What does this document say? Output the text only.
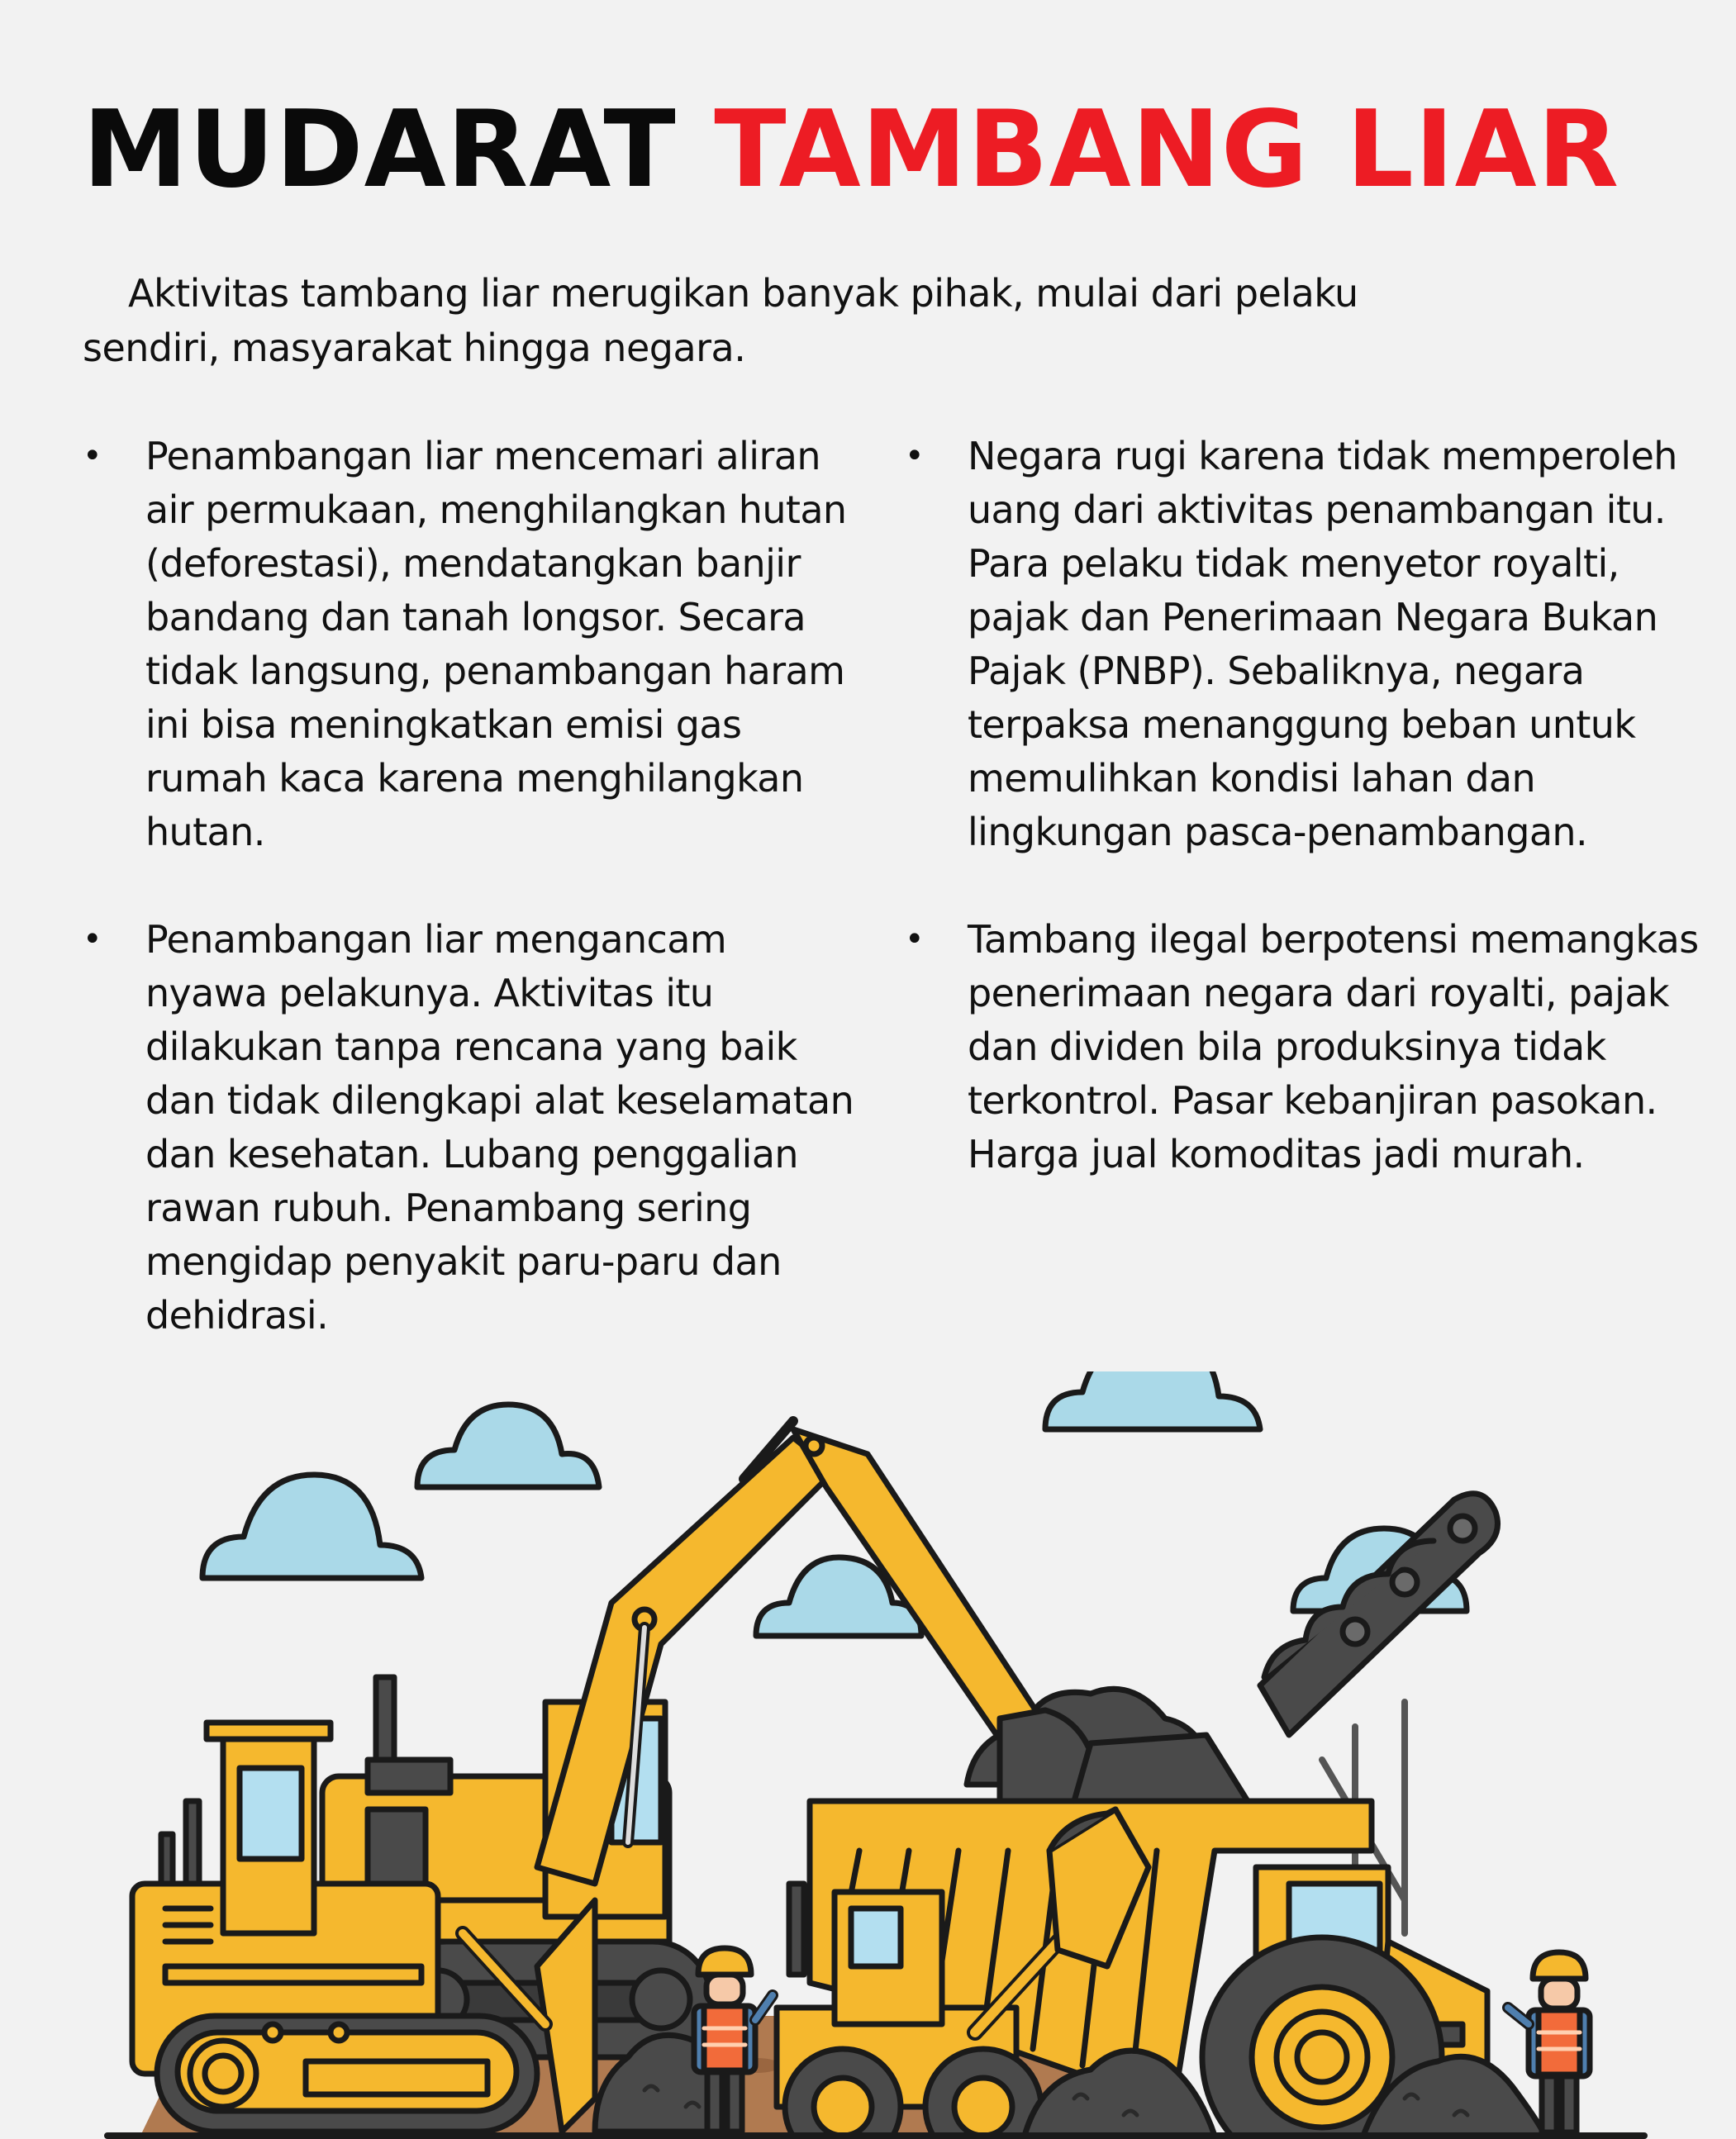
MUDARAT TAMBANG LIAR

Aktivitas tambang liar merugikan banyak pihak, mulai dari pelaku sendiri, masyarakat hingga negara.

• Penambangan liar mencemari aliran air permukaan, menghilangkan hutan (deforestasi), mendatangkan banjir bandang dan tanah longsor. Secara tidak langsung, penambangan haram ini bisa meningkatkan emisi gas rumah kaca karena menghilangkan hutan.
• Penambangan liar mengancam nyawa pelakunya. Aktivitas itu dilakukan tanpa rencana yang baik dan tidak dilengkapi alat keselamatan dan kesehatan. Lubang penggalian rawan rubuh. Penambang sering mengidap penyakit paru-paru dan dehidrasi.
• Negara rugi karena tidak memperoleh uang dari aktivitas penambangan itu. Para pelaku tidak menyetor royalti, pajak dan Penerimaan Negara Bukan Pajak (PNBP). Sebaliknya, negara terpaksa menanggung beban untuk memulihkan kondisi lahan dan lingkungan pasca-penambangan.
• Tambang ilegal berpotensi memangkas penerimaan negara dari royalti, pajak dan dividen bila produksinya tidak terkontrol. Pasar kebanjiran pasokan. Harga jual komoditas jadi murah.
